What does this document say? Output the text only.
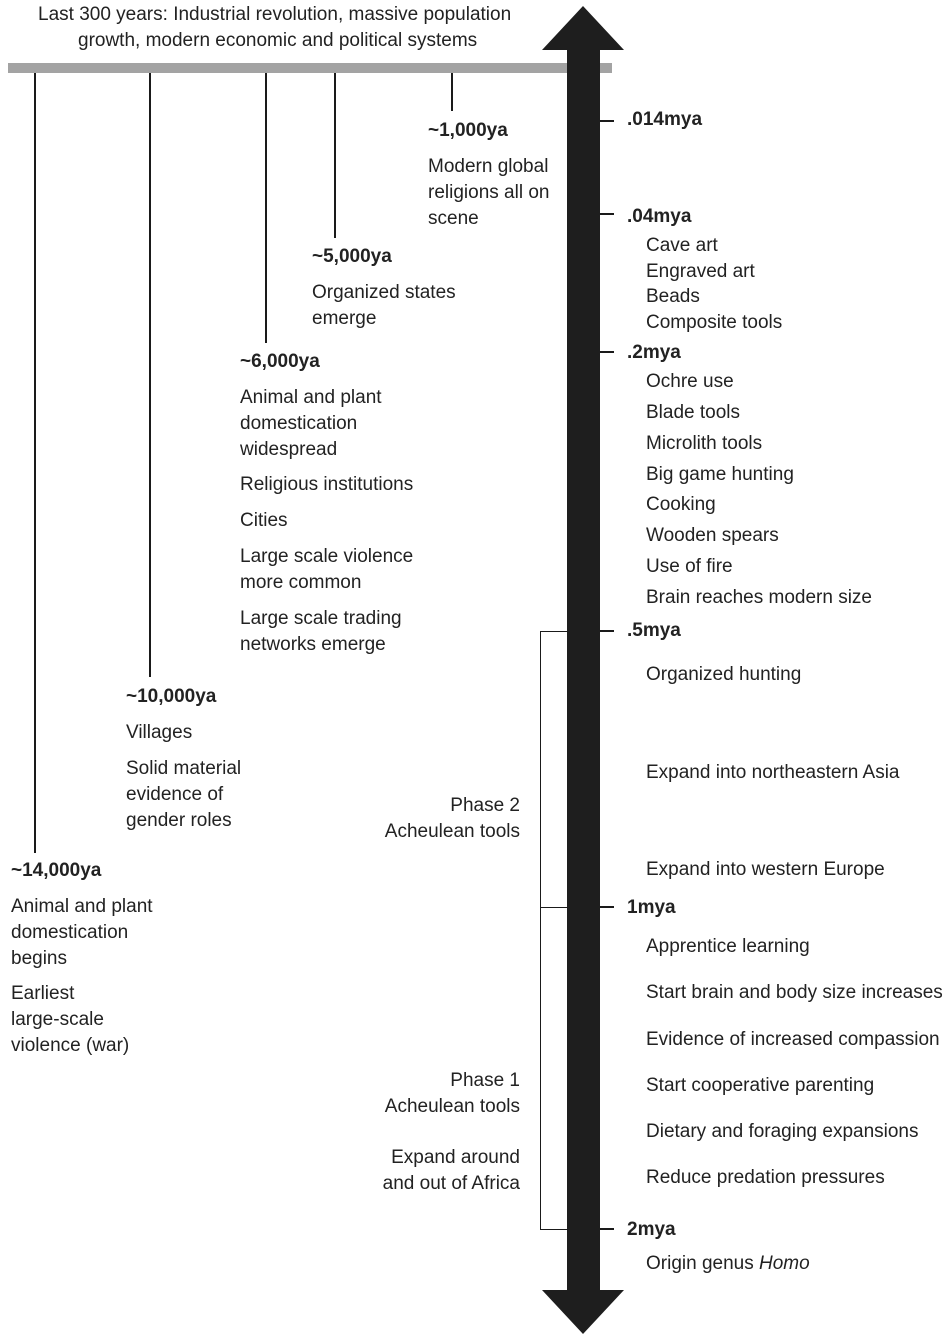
Last 300 years: Industrial revolution, massive population
growth, modern economic and political systems
~1,000ya
Modern global
religions all on
scene
~5,000ya
Organized states
emerge
~6,000ya
Animal and plant
domestication
widespread
Religious institutions
Cities
Large scale violence
more common
Large scale trading
networks emerge
~10,000ya
Villages
Solid material
evidence of
gender roles
~14,000ya
Animal and plant
domestication
begins
Earliest
large-scale
violence (war)
Phase 2
Acheulean tools
Phase 1
Acheulean tools
Expand around
and out of Africa
.014mya
.04mya
Cave art
Engraved art
Beads
Composite tools
.2mya
Ochre use
Blade tools
Microlith tools
Big game hunting
Cooking
Wooden spears
Use of fire
Brain reaches modern size
.5mya
Organized hunting
Expand into northeastern Asia
Expand into western Europe
1mya
Apprentice learning
Start brain and body size increases
Evidence of increased compassion
Start cooperative parenting
Dietary and foraging expansions
Reduce predation pressures
2mya
Origin genus Homo
